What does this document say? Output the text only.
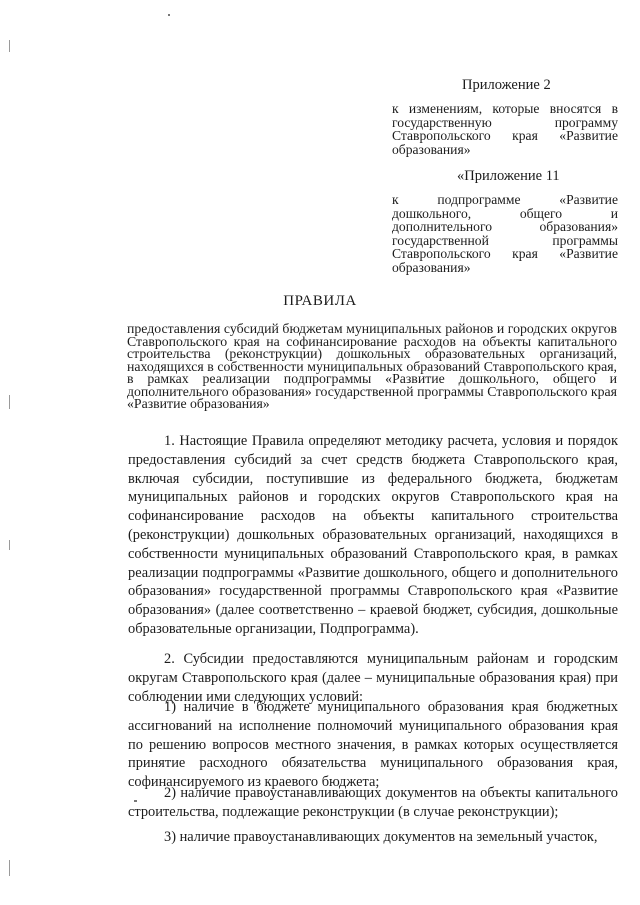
Приложение 2
к изменениям, которые вносятся в государственную программу Ставропольского края «Развитие образования»
«Приложение 11
к подпрограмме «Развитие дошкольного, общего и дополнительного образования» государственной программы Ставропольского края «Развитие образования»
ПРАВИЛА
предоставления субсидий бюджетам муниципальных районов и городских округов Ставропольского края на софинансирование расходов на объекты капитального строительства (реконструкции) дошкольных образовательных организаций, находящихся в собственности муниципальных образований Ставропольского края, в рамках реализации подпрограммы «Развитие дошкольного, общего и дополнительного образования» государственной программы Ставропольского края «Развитие образования»
1. Настоящие Правила определяют методику расчета, условия и порядок предоставления субсидий за счет средств бюджета Ставропольского края, включая субсидии, поступившие из федерального бюджета, бюджетам муниципальных районов и городских округов Ставропольского края на софинансирование расходов на объекты капитального строительства (реконструкции) дошкольных образовательных организаций, находящихся в собственности муниципальных образований Ставропольского края, в рамках реализации подпрограммы «Развитие дошкольного, общего и дополнительного образования» государственной программы Ставропольского края «Развитие образования» (далее соответственно – краевой бюджет, субсидия, дошкольные образовательные организации, Подпрограмма).
2. Субсидии предоставляются муниципальным районам и городским округам Ставропольского края (далее – муниципальные образования края) при соблюдении ими следующих условий:
1) наличие в бюджете муниципального образования края бюджетных ассигнований на исполнение полномочий муниципального образования края по решению вопросов местного значения, в рамках которых осуществляется принятие расходного обязательства муниципального образования края, софинансируемого из краевого бюджета;
2) наличие правоустанавливающих документов на объекты капитального строительства, подлежащие реконструкции (в случае реконструкции);
3) наличие правоустанавливающих документов на земельный участок,
